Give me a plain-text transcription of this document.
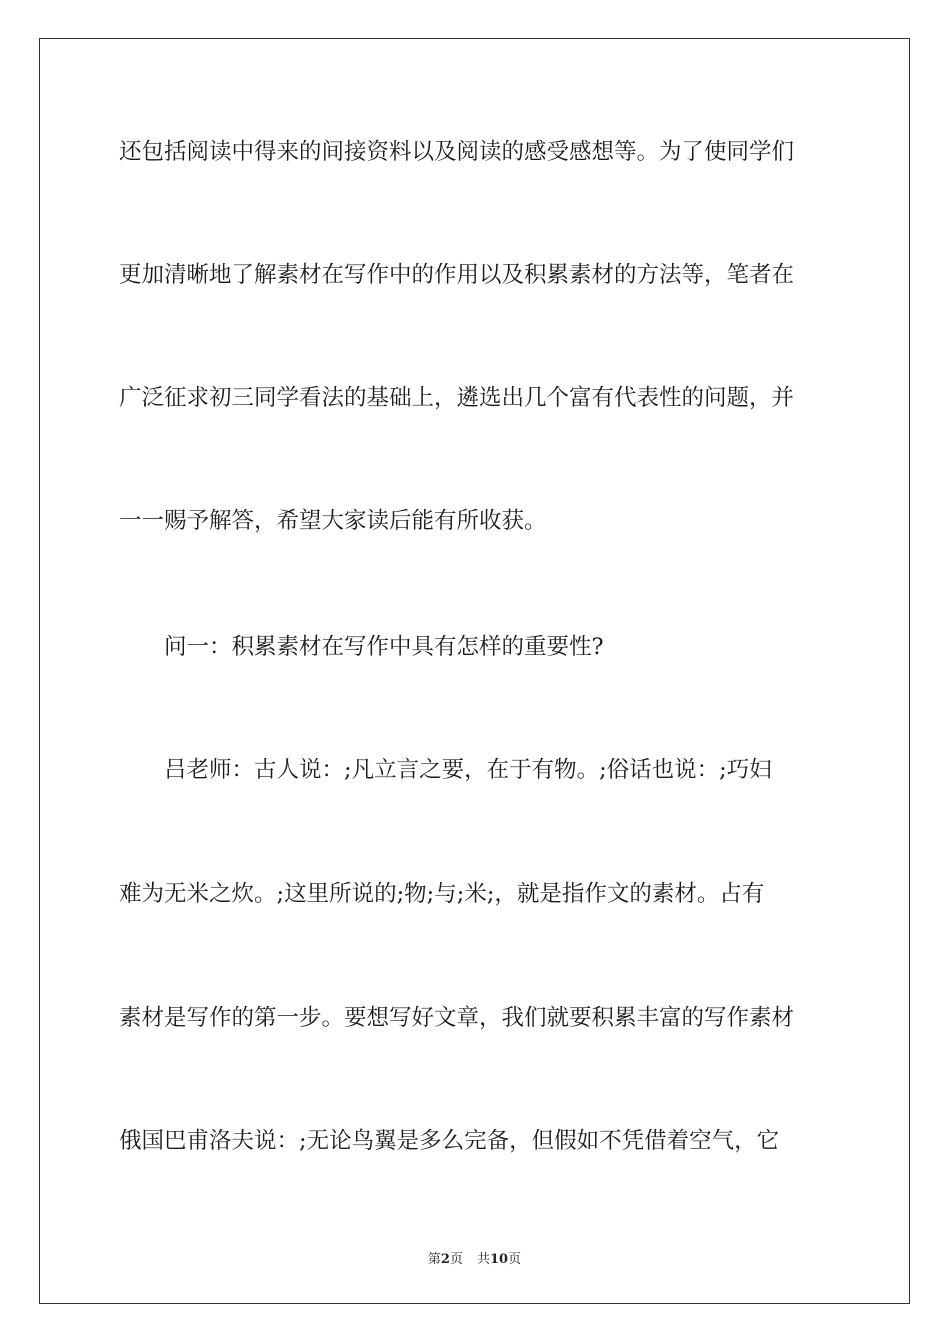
还包括阅读中得来的间接资料以及阅读的感受感想等。为了使同学们
更加清晰地了解素材在写作中的作用以及积累素材的方法等，笔者在
广泛征求初三同学看法的基础上，遴选出几个富有代表性的问题，并
一一赐予解答，希望大家读后能有所收获。
问一：积累素材在写作中具有怎样的重要性?
吕老师：古人说：;凡立言之要，在于有物。;俗话也说：;巧妇
难为无米之炊。;这里所说的;物;与;米;，就是指作文的素材。占有
素材是写作的第一步。要想写好文章，我们就要积累丰富的写作素材
俄国巴甫洛夫说：;无论鸟翼是多么完备，但假如不凭借着空气，它
第2页 共10页
